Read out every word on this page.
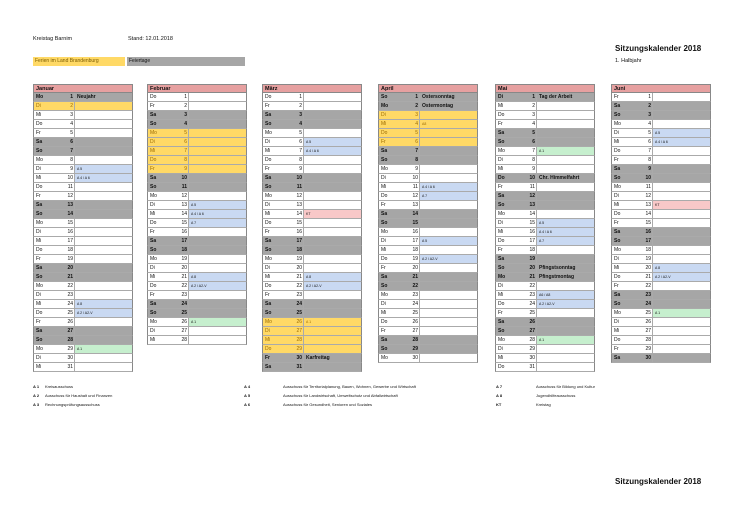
Kreistag Barnim	Stand: 12.01.2018
Ferien im Land Brandenburg	Feiertage
Sitzungskalender 2018
1. Halbjahr
Januar
Mo	1 Neujahr
Di	2
Mi	3
Do	4
Fr	5
Sa	6
So	7
Mo	8
Di	9	A 5
Mi	10	A 4 / A 6
Do	11
Fr	12
Sa	13
So	14
Mo	15
Di	16
Mi	17
Do	18
Fr	19
Sa	20
So	21
Mo	22
Di	23
Mi	24	A 8
Do	25	A 2 / A2-V
Fr	26
Sa	27
So	28
Mo	29	A 1
Di	30
Mi	31
Februar
Do	1
Fr	2
Sa	3
So	4
Mo	5
Di	6
Mi	7
Do	8
Fr	9
Sa	10
So	11
Mo	12
Di	13	A 5
Mi	14	A 4 / A 6
Do	15	A 7
Fr	16
Sa	17
So	18
Mo	19
Di	20
Mi	21	A 8
Do	22	A 2 / A2-V
Fr	23
Sa	24
So	25
Mo	26	A 1
Di	27
Mi	28
März
Do	1
Fr	2
Sa	3
So	4
Mo	5
Di	6	A 5
Mi	7	A 4 / A 6
Do	8
Fr	9
Sa	10
So	11
Mo	12
Di	13
Mi	14	KT
Do	15
Fr	16
Sa	17
So	18
Mo	19
Di	20
Mi	21	A 8
Do	22	A 2 / A2-V
Fr	23
Sa	24
So	25
Mo	26	A 1
Di	27
Mi	28
Do	29
Fr	30 Karfreitag
Sa	31
April
So	1 Ostersonntag
Mo	2 Ostermontag
Di	3
Mi	4	A8
Do	5
Fr	6
Sa	7
So	8
Mo	9
Di	10
Mi	11	A 4 / A 6
Do	12	A 7
Fr	13
Sa	14
So	15
Mo	16
Di	17	A 5
Mi	18
Do	19	A 2 / A2-V
Fr	20
Sa	21
So	22
Mo	23
Di	24
Mi	25
Do	26
Fr	27
Sa	28
So	29
Mo	30
Mai
Di	1 Tag der Arbeit
Mi	2
Do	3
Fr	4
Sa	5
So	6
Mo	7	A 1
Di	8
Mi	9
Do	10 Chr. Himmelfahrt
Fr	11
Sa	12
So	13
Mo	14
Di	15	A 5
Mi	16	A 4 / A 6
Do	17	A 7
Fr	18
Sa	19
So	20 Pfingstsonntag
Mo	21 Pfingstmontag
Di	22
Mi	23	A6 / A8
Do	24	A 2 / A2-V
Fr	25
Sa	26
So	27
Mo	28	A 1
Di	29
Mi	30
Do	31
Juni
Fr	1
Sa	2
So	3
Mo	4
Di	5	A 5
Mi	6	A 4 / A 6
Do	7
Fr	8
Sa	9
So	10
Mo	11
Di	12
Mi	13	KT
Do	14
Fr	15
Sa	16
So	17
Mo	18
Di	19
Mi	20	A 8
Do	21	A 2 / A2-V
Fr	22
Sa	23
So	24
Mo	25	A 1
Di	26
Mi	27
Do	28
Fr	29
Sa	30
A 1 Kreisausschuss
A 2 Ausschuss für Haushalt und Finanzen
A 3 Rechnungsprüfungsausschuss
A 4	Ausschuss für Territorialplanung, Bauen, Wohnen, Gewerbe und Wirtschaft
A 5	Ausschuss für Landwirtschaft, Umweltschutz und Abfallwirtschaft
A 6	Ausschuss für Gesundheit, Senioren und Soziales
A 7	Ausschuss für Bildung und Kultur
A 8	Jugendhilfeausschuss
KT	Kreistag
Sitzungskalender 2018
